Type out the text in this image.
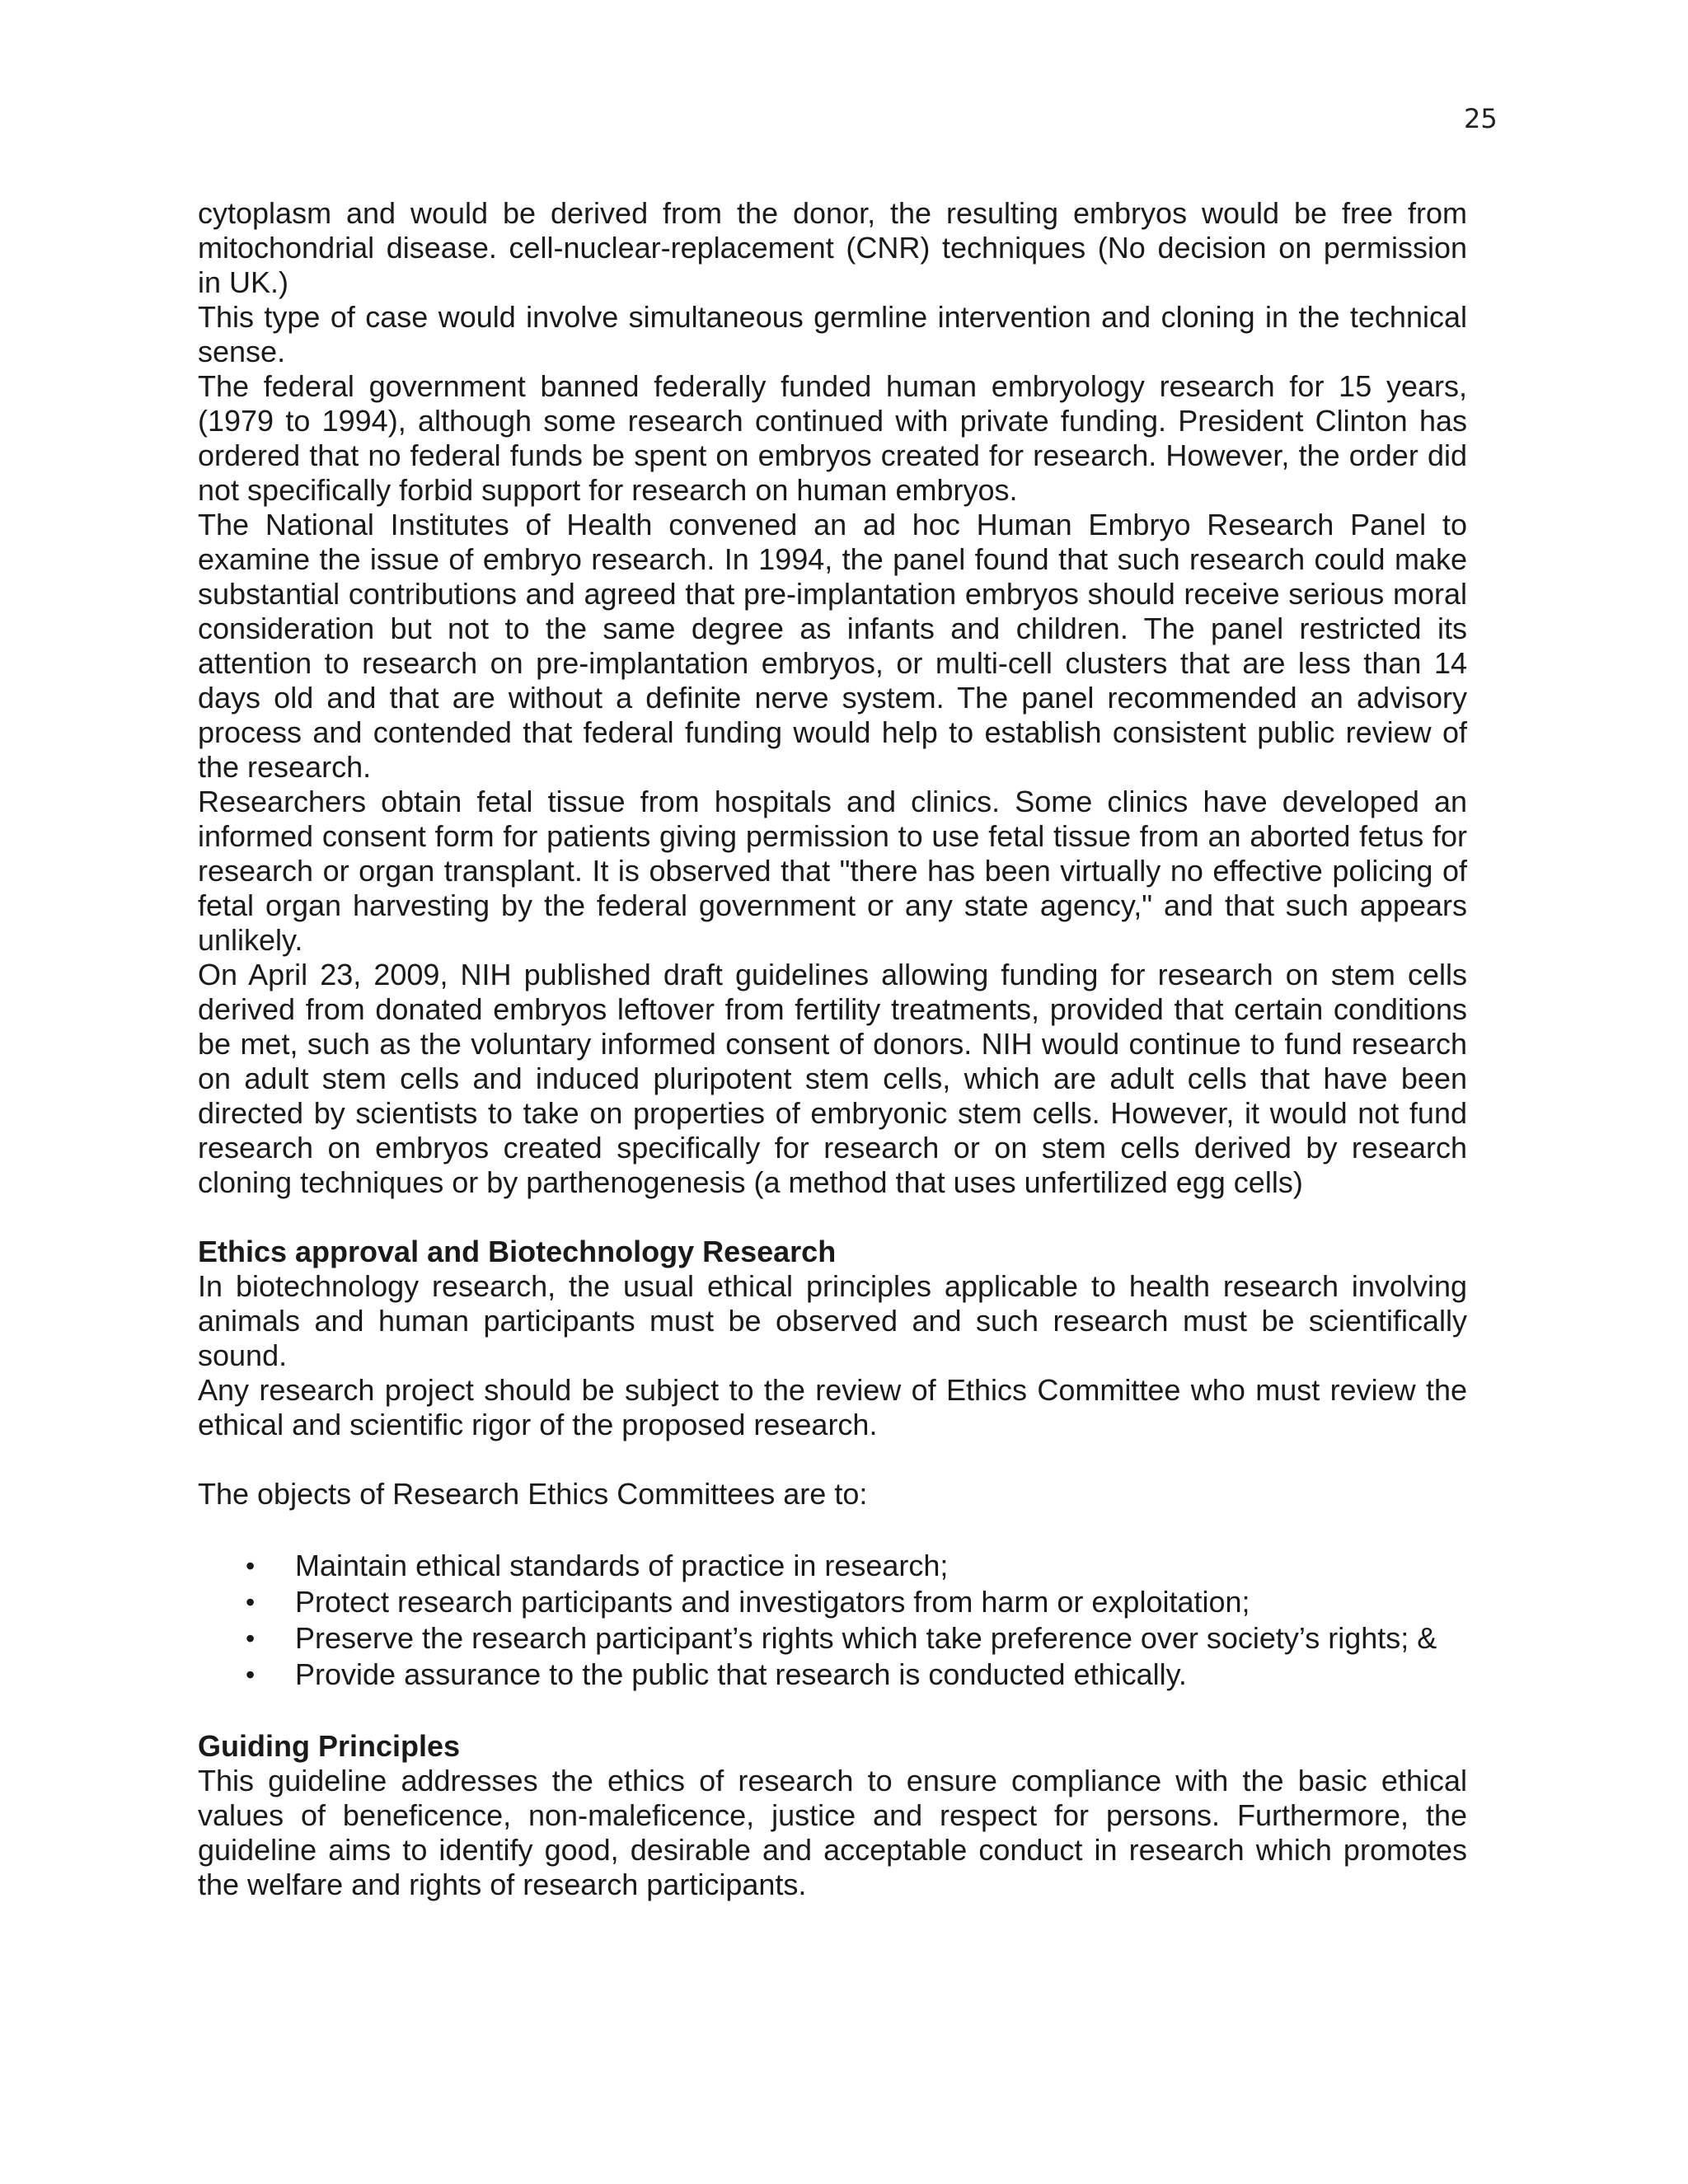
25

cytoplasm and would be derived from the donor, the resulting embryos would be free from mitochondrial disease. cell-nuclear-replacement (CNR) techniques (No decision on permission in UK.)

This type of case would involve simultaneous germline intervention and cloning in the technical sense.

The federal government banned federally funded human embryology research for 15 years, (1979 to 1994), although some research continued with private funding. President Clinton has ordered that no federal funds be spent on embryos created for research. However, the order did not specifically forbid support for research on human embryos.

The National Institutes of Health convened an ad hoc Human Embryo Research Panel to examine the issue of embryo research. In 1994, the panel found that such research could make substantial contributions and agreed that pre-implantation embryos should receive serious moral consideration but not to the same degree as infants and children. The panel restricted its attention to research on pre-implantation embryos, or multi-cell clusters that are less than 14 days old and that are without a definite nerve system. The panel recommended an advisory process and contended that federal funding would help to establish consistent public review of the research.

Researchers obtain fetal tissue from hospitals and clinics. Some clinics have developed an informed consent form for patients giving permission to use fetal tissue from an aborted fetus for research or organ transplant. It is observed that "there has been virtually no effective policing of fetal organ harvesting by the federal government or any state agency," and that such appears unlikely.

On April 23, 2009, NIH published draft guidelines allowing funding for research on stem cells derived from donated embryos leftover from fertility treatments, provided that certain conditions be met, such as the voluntary informed consent of donors. NIH would continue to fund research on adult stem cells and induced pluripotent stem cells, which are adult cells that have been directed by scientists to take on properties of embryonic stem cells. However, it would not fund research on embryos created specifically for research or on stem cells derived by research cloning techniques or by parthenogenesis (a method that uses unfertilized egg cells)

Ethics approval and Biotechnology Research

In biotechnology research, the usual ethical principles applicable to health research involving animals and human participants must be observed and such research must be scientifically sound.

Any research project should be subject to the review of Ethics Committee who must review the ethical and scientific rigor of the proposed research.

The objects of Research Ethics Committees are to:

• Maintain ethical standards of practice in research;
• Protect research participants and investigators from harm or exploitation;
• Preserve the research participant’s rights which take preference over society’s rights; &
• Provide assurance to the public that research is conducted ethically.

Guiding Principles

This guideline addresses the ethics of research to ensure compliance with the basic ethical values of beneficence, non-maleficence, justice and respect for persons. Furthermore, the guideline aims to identify good, desirable and acceptable conduct in research which promotes the welfare and rights of research participants.
